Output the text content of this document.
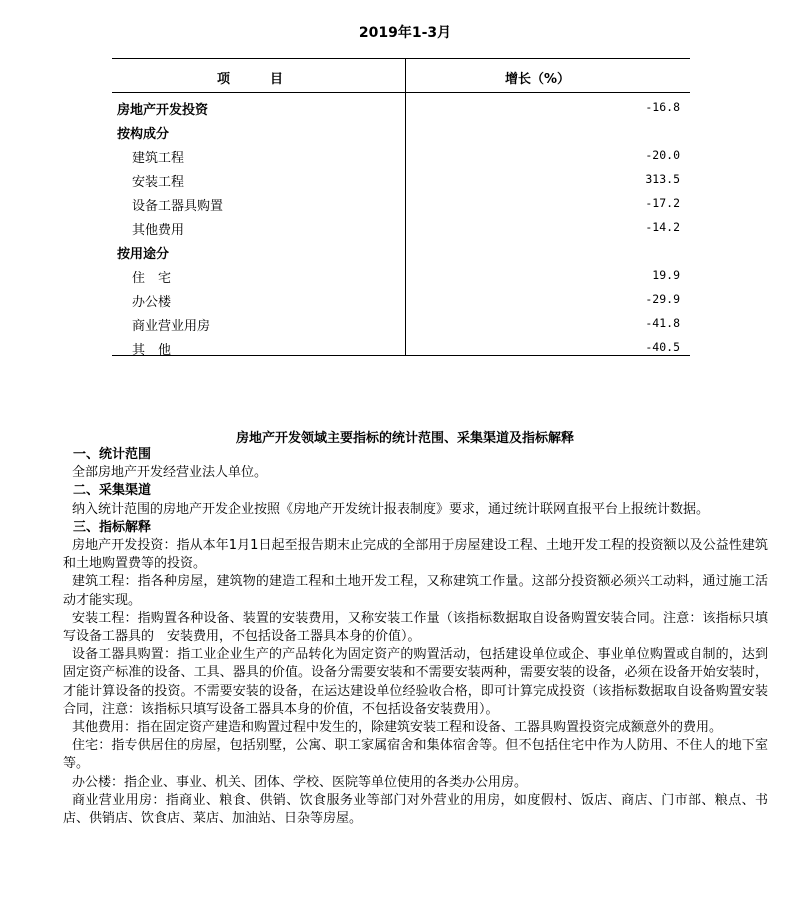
2019年1-3月
项目	增长（%）
房地产开发投资	-16.8
按构成分
建筑工程	-20.0
安装工程	313.5
设备工器具购置	-17.2
其他费用	-14.2
按用途分
住　宅	19.9
办公楼	-29.9
商业营业用房	-41.8
其　他	-40.5
房地产开发领域主要指标的统计范围、采集渠道及指标解释
一、统计范围
全部房地产开发经营业法人单位。
二、采集渠道
纳入统计范围的房地产开发企业按照《房地产开发统计报表制度》要求，通过统计联网直报平台上报统计数据。
三、指标解释
房地产开发投资：指从本年1月1日起至报告期末止完成的全部用于房屋建设工程、土地开发工程的投资额以及公益性建筑和土地购置费等的投资。
建筑工程：指各种房屋，建筑物的建造工程和土地开发工程，又称建筑工作量。这部分投资额必须兴工动料，通过施工活动才能实现。
安装工程：指购置各种设备、装置的安装费用，又称安装工作量（该指标数据取自设备购置安装合同。注意：该指标只填写设备工器具的　安装费用，不包括设备工器具本身的价值）。
设备工器具购置：指工业企业生产的产品转化为固定资产的购置活动，包括建设单位或企、事业单位购置或自制的，达到固定资产标准的设备、工具、器具的价值。设备分需要安装和不需要安装两种，需要安装的设备，必须在设备开始安装时，才能计算设备的投资。不需要安装的设备，在运达建设单位经验收合格，即可计算完成投资（该指标数据取自设备购置安装合同，注意：该指标只填写设备工器具本身的价值，不包括设备安装费用）。
其他费用：指在固定资产建造和购置过程中发生的，除建筑安装工程和设备、工器具购置投资完成额意外的费用。
住宅：指专供居住的房屋，包括别墅，公寓、职工家属宿舍和集体宿舍等。但不包括住宅中作为人防用、不住人的地下室等。
办公楼：指企业、事业、机关、团体、学校、医院等单位使用的各类办公用房。
商业营业用房：指商业、粮食、供销、饮食服务业等部门对外营业的用房，如度假村、饭店、商店、门市部、粮点、书店、供销店、饮食店、菜店、加油站、日杂等房屋。
